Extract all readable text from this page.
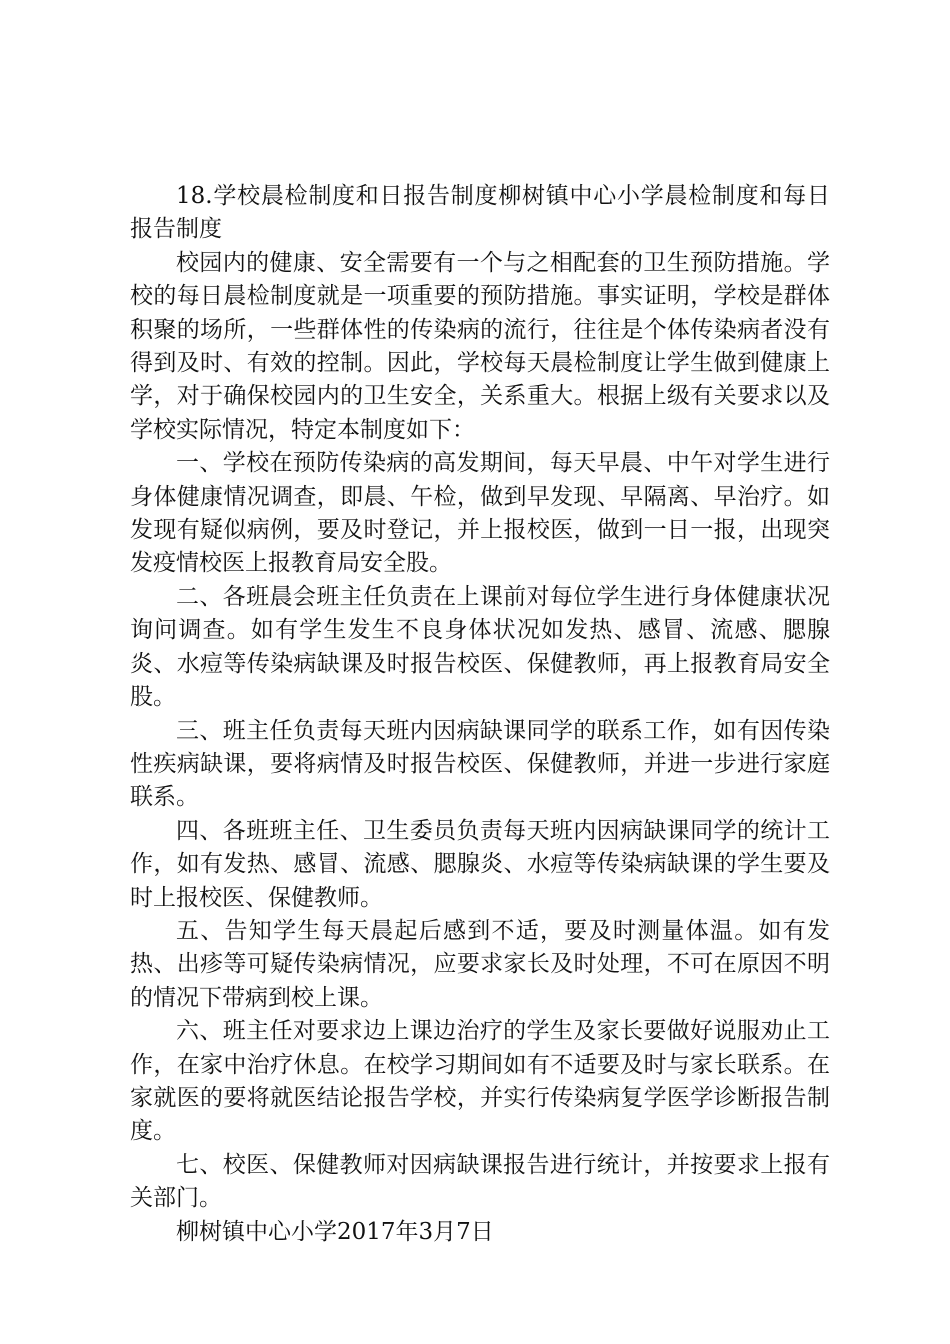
18.学校晨检制度和日报告制度柳树镇中心小学晨检制度和每日报告制度

校园内的健康、安全需要有一个与之相配套的卫生预防措施。学校的每日晨检制度就是一项重要的预防措施。事实证明，学校是群体积聚的场所，一些群体性的传染病的流行，往往是个体传染病者没有得到及时、有效的控制。因此，学校每天晨检制度让学生做到健康上学，对于确保校园内的卫生安全，关系重大。根据上级有关要求以及学校实际情况，特定本制度如下：

一、学校在预防传染病的高发期间，每天早晨、中午对学生进行身体健康情况调查，即晨、午检，做到早发现、早隔离、早治疗。如发现有疑似病例，要及时登记，并上报校医，做到一日一报，出现突发疫情校医上报教育局安全股。

二、各班晨会班主任负责在上课前对每位学生进行身体健康状况询问调查。如有学生发生不良身体状况如发热、感冒、流感、腮腺炎、水痘等传染病缺课及时报告校医、保健教师，再上报教育局安全股。

三、班主任负责每天班内因病缺课同学的联系工作，如有因传染性疾病缺课，要将病情及时报告校医、保健教师，并进一步进行家庭联系。

四、各班班主任、卫生委员负责每天班内因病缺课同学的统计工作，如有发热、感冒、流感、腮腺炎、水痘等传染病缺课的学生要及时上报校医、保健教师。

五、告知学生每天晨起后感到不适，要及时测量体温。如有发热、出疹等可疑传染病情况，应要求家长及时处理，不可在原因不明的情况下带病到校上课。

六、班主任对要求边上课边治疗的学生及家长要做好说服劝止工作，在家中治疗休息。在校学习期间如有不适要及时与家长联系。在家就医的要将就医结论报告学校，并实行传染病复学医学诊断报告制度。

七、校医、保健教师对因病缺课报告进行统计，并按要求上报有关部门。

柳树镇中心小学2017年3月7日
